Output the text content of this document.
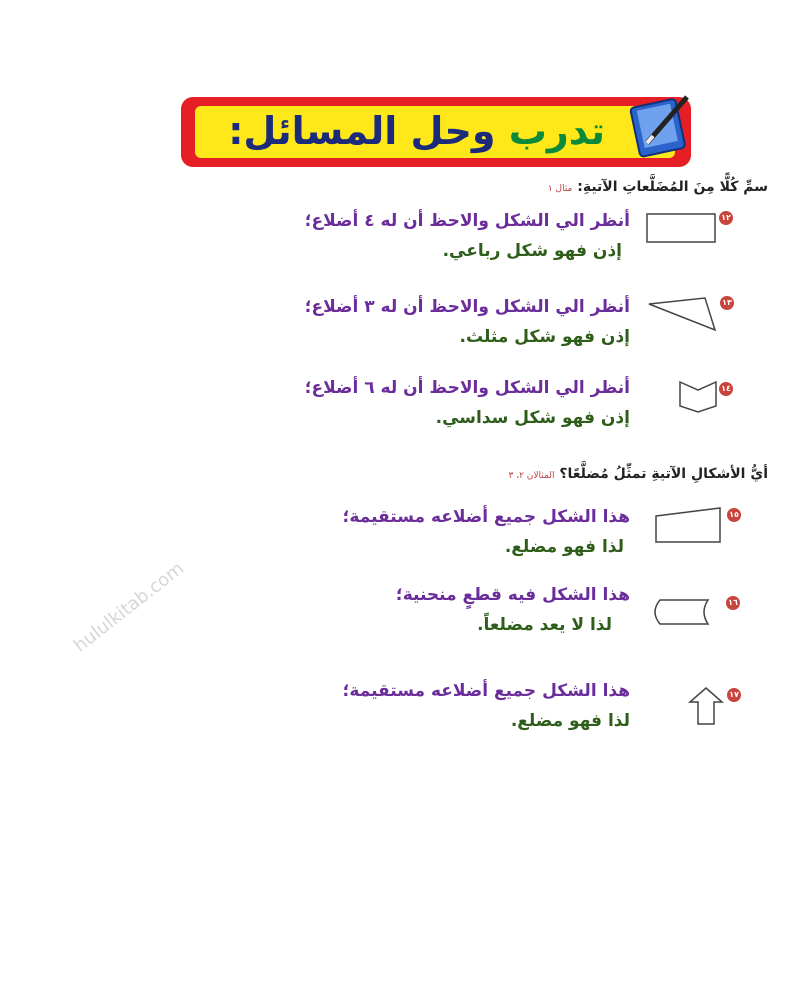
تدرب وحل المسائل:
سمِّ كُلًّا مِنَ المُضَلَّعاتِ الآتيةِ: مثال ١
١٢
أنظر الي الشكل والاحظ أن له ٤ أضلاع؛
إذن فهو شكل رباعي.
١٣
أنظر الي الشكل والاحظ أن له ٣ أضلاع؛
إذن فهو شكل مثلث.
١٤
أنظر الي الشكل والاحظ أن له ٦ أضلاع؛
إذن فهو شكل سداسي.
أيُّ الأشكالِ الآتيةِ تمثِّلُ مُضلَّعًا؟ المثالان ٢، ٣
١٥
هذا الشكل جميع أضلاعه مستقيمة؛
لذا فهو مضلع.
١٦
هذا الشكل فيه قطعٍ منحنية؛
لذا لا يعد مضلعاً.
hululkitab.com
١٧
هذا الشكل جميع أضلاعه مستقيمة؛
لذا فهو مضلع.
